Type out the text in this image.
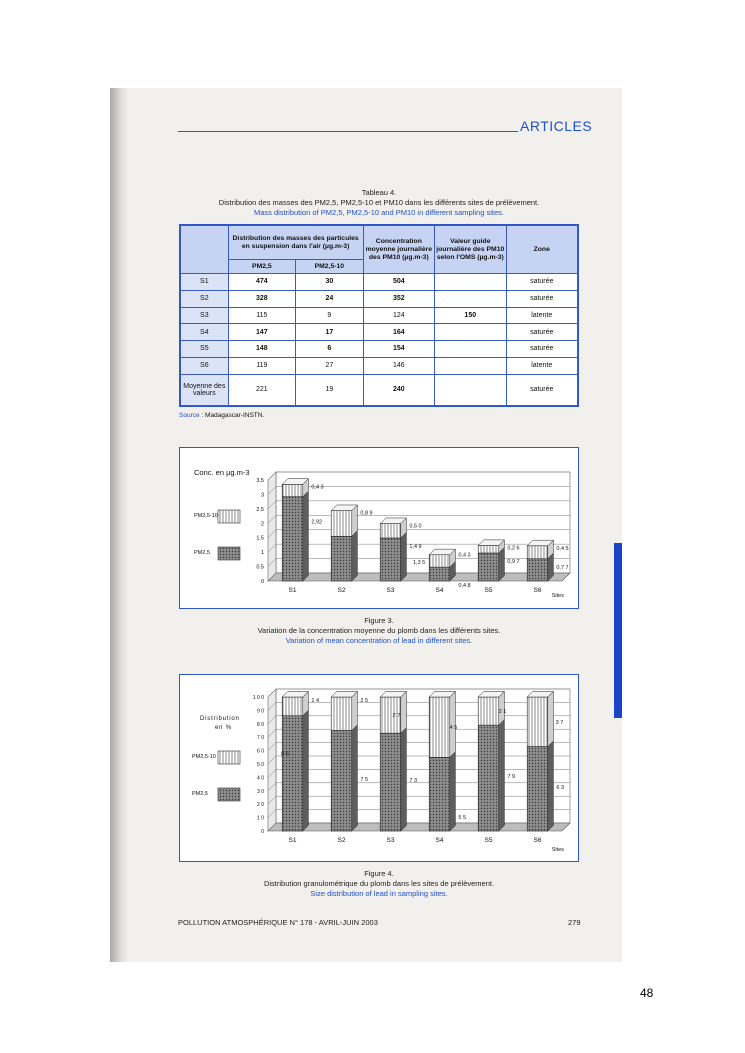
ARTICLES
Tableau 4.
Distribution des masses des PM2,5, PM2,5-10 et PM10 dans les différents sites de prélèvement.
Mass distribution of PM2,5, PM2,5-10 and PM10 in different sampling sites.
	Distribution des masses des particules en suspension dans l'air (µg.m-3)		Concentration moyenne journalière des PM10 (µg.m-3)	Valeur guide journalière des PM10 selon l'OMS (µg.m-3)	Zone
	PM2,5	PM2,5-10			
S1	474	30	504		saturée
S2	328	24	352		saturée
S3	115	9	124	150	latente
S4	147	17	164		saturée
S5	148	6	154		saturée
S6	119	27	146		latente
Moyenne des valeurs	221	19	240		saturée
Source : Madagascar-INSTN.
0
0.5
1
1.5
2
2.5
3
3.5
S1
0,4 3
2,92
S2
0,8 9
S3
0,5 0
1,4 9
S4
0,4 3
0,4 8
S5
0,2 6
0,9 7
S6
0,4 5
0,7 7
Sites
Conc. en µg.m-3
PM2,5-10
PM2,5
1,3 5
Figure 3.
Variation de la concentration moyenne du plomb dans les différents sites.
Variation of mean concentration of lead in different sites.
0
1 0
2 0
3 0
4 0
5 0
6 0
7 0
8 0
9 0
1 0 0
S1
1 4
8 6
S2
2 5
7 5
S3
2 7
7 3
S4
4 5
5 5
S5
2 1
7 9
S6
3 7
6 3
Sites
Distribution
en %
PM2,5-10
PM2,5
Figure 4.
Distribution granulométrique du plomb dans les sites de prélèvement.
Size distribution of lead in sampling sites.
POLLUTION ATMOSPHÉRIQUE N° 178 - AVRIL-JUIN 2003	279
48
